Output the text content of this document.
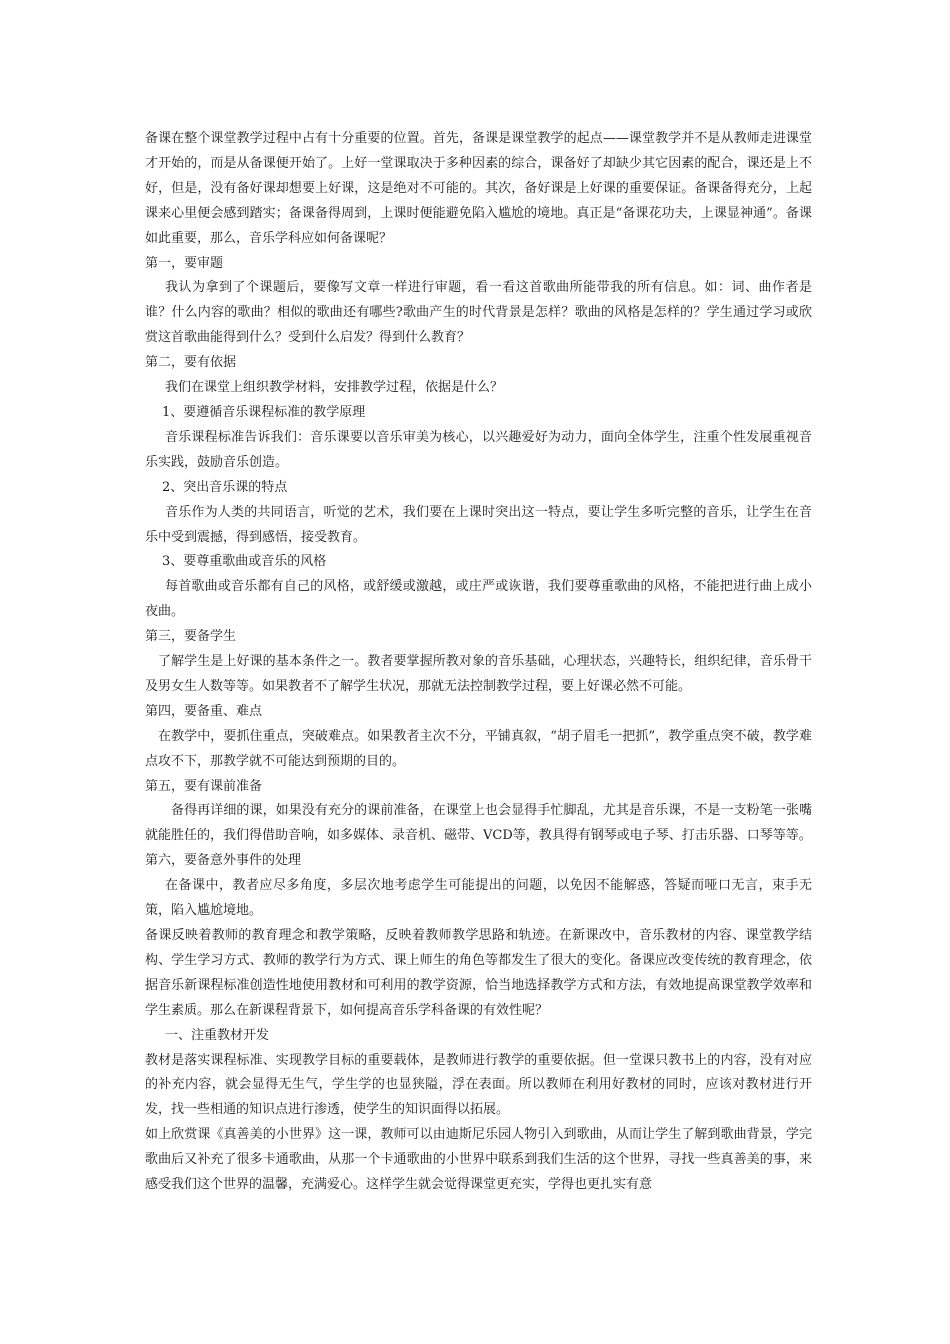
备课在整个课堂教学过程中占有十分重要的位置。首先，备课是课堂教学的起点——课堂教学并不是从教师走进课堂才开始的，而是从备课便开始了。上好一堂课取决于多种因素的综合，课备好了却缺少其它因素的配合，课还是上不好，但是，没有备好课却想要上好课，这是绝对不可能的。其次，备好课是上好课的重要保证。备课备得充分，上起课来心里便会感到踏实；备课备得周到，上课时便能避免陷入尴尬的境地。真正是“备课花功夫，上课显神通”。备课如此重要，那么，音乐学科应如何备课呢？

第一，要审题

我认为拿到了个课题后，要像写文章一样进行审题，看一看这首歌曲所能带我的所有信息。如：词、曲作者是谁？什么内容的歌曲？相似的歌曲还有哪些?歌曲产生的时代背景是怎样？歌曲的风格是怎样的？学生通过学习或欣赏这首歌曲能得到什么？受到什么启发？得到什么教育？

第二，要有依据

我们在课堂上组织教学材料，安排教学过程，依据是什么？

1、要遵循音乐课程标准的教学原理

音乐课程标准告诉我们：音乐课要以音乐审美为核心，以兴趣爱好为动力，面向全体学生，注重个性发展重视音乐实践，鼓励音乐创造。

2、突出音乐课的特点

音乐作为人类的共同语言，听觉的艺术，我们要在上课时突出这一特点，要让学生多听完整的音乐，让学生在音乐中受到震撼，得到感悟，接受教育。

3、要尊重歌曲或音乐的风格

每首歌曲或音乐都有自己的风格，或舒缓或激越，或庄严或诙谐，我们要尊重歌曲的风格，不能把进行曲上成小夜曲。

第三，要备学生

了解学生是上好课的基本条件之一。教者要掌握所教对象的音乐基础，心理状态，兴趣特长，组织纪律，音乐骨干及男女生人数等等。如果教者不了解学生状况，那就无法控制教学过程，要上好课必然不可能。

第四，要备重、难点

在教学中，要抓住重点，突破难点。如果教者主次不分，平铺真叙，“胡子眉毛一把抓”，教学重点突不破，教学难点攻不下，那教学就不可能达到预期的目的。

第五，要有课前准备

备得再详细的课，如果没有充分的课前准备，在课堂上也会显得手忙脚乱，尤其是音乐课，不是一支粉笔一张嘴就能胜任的，我们得借助音响，如多媒体、录音机、磁带、VCD等，教具得有钢琴或电子琴、打击乐器、口琴等等。

第六，要备意外事件的处理

在备课中，教者应尽多角度，多层次地考虑学生可能提出的问题，以免因不能解惑，答疑而哑口无言，束手无策，陷入尴尬境地。

备课反映着教师的教育理念和教学策略，反映着教师教学思路和轨迹。在新课改中，音乐教材的内容、课堂教学结构、学生学习方式、教师的教学行为方式、课上师生的角色等都发生了很大的变化。备课应改变传统的教育理念，依据音乐新课程标准创造性地使用教材和可利用的教学资源，恰当地选择教学方式和方法，有效地提高课堂教学效率和学生素质。那么在新课程背景下，如何提高音乐学科备课的有效性呢？

一、注重教材开发

教材是落实课程标准、实现教学目标的重要载体，是教师进行教学的重要依据。但一堂课只教书上的内容，没有对应的补充内容，就会显得无生气，学生学的也显狭隘，浮在表面。所以教师在利用好教材的同时，应该对教材进行开发，找一些相通的知识点进行渗透，使学生的知识面得以拓展。

如上欣赏课《真善美的小世界》这一课，教师可以由迪斯尼乐园人物引入到歌曲，从而让学生了解到歌曲背景，学完歌曲后又补充了很多卡通歌曲，从那一个卡通歌曲的小世界中联系到我们生活的这个世界，寻找一些真善美的事，来感受我们这个世界的温馨，充满爱心。这样学生就会觉得课堂更充实，学得也更扎实有意
